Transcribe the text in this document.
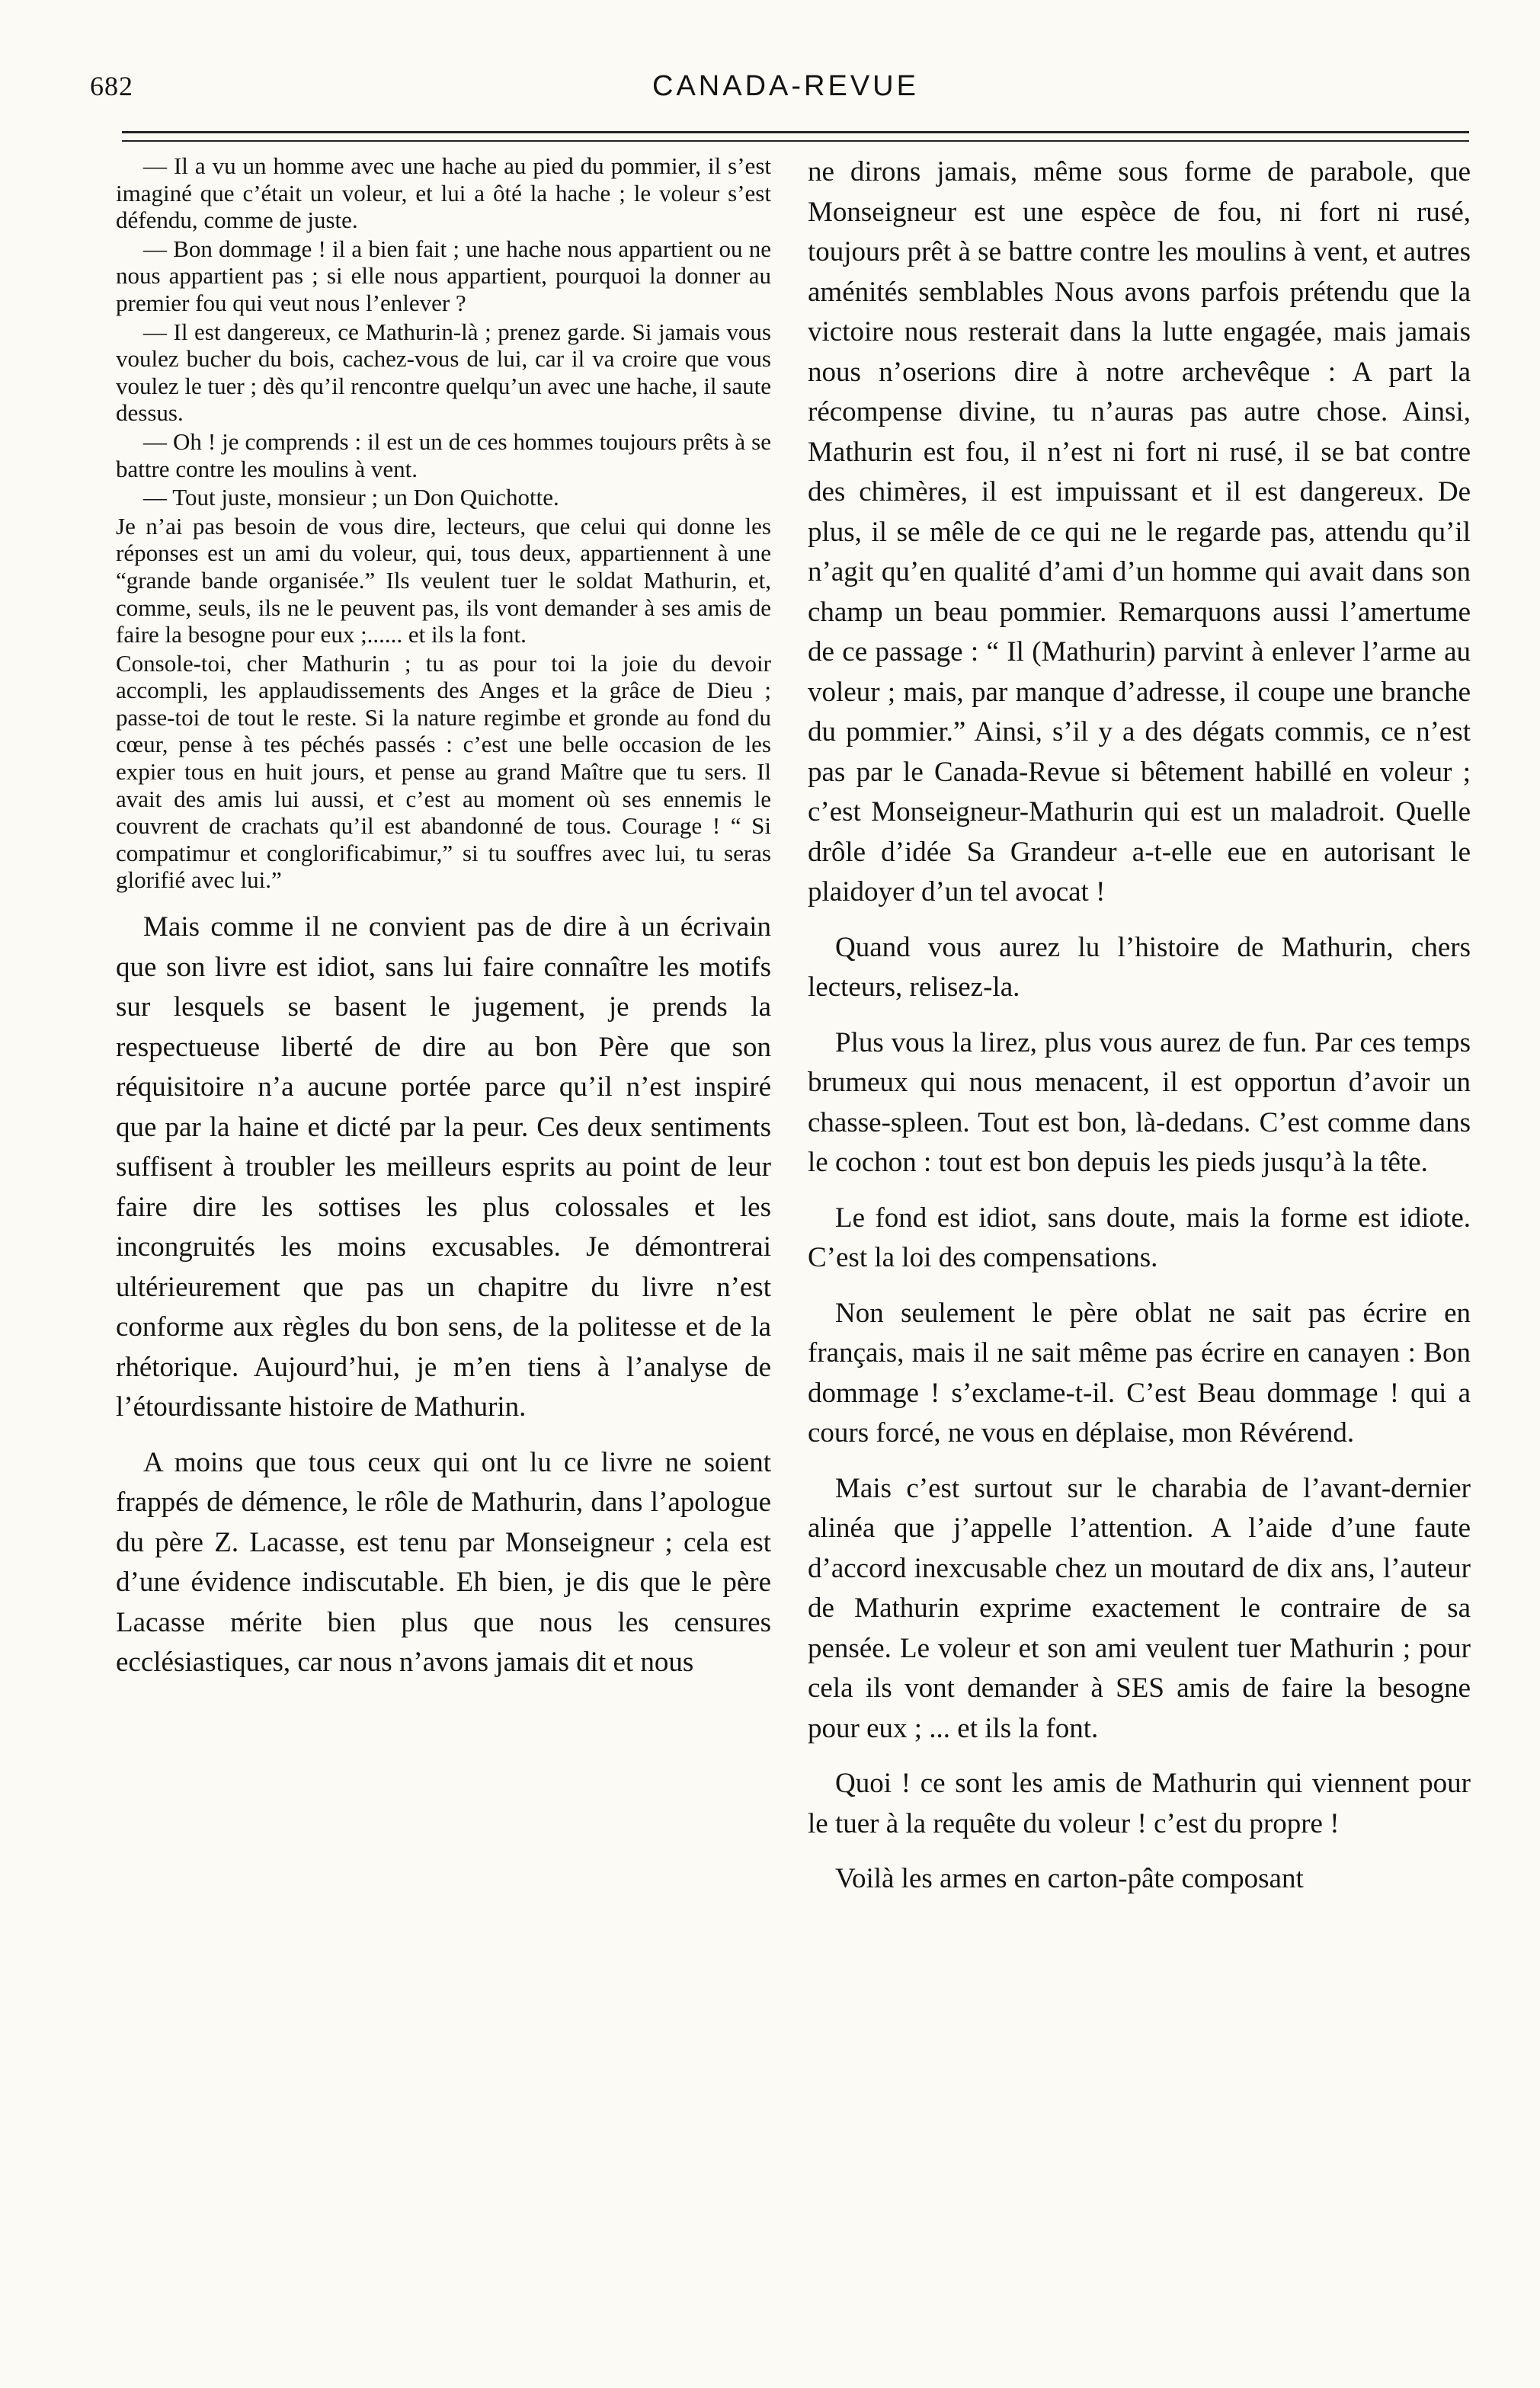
682	CANADA-REVUE

— Il a vu un homme avec une hache au pied du pommier, il s’est imaginé que c’était un voleur, et lui a ôté la hache ; le voleur s’est défendu, comme de juste.

— Bon dommage ! il a bien fait ; une hache nous appartient ou ne nous appartient pas ; si elle nous appartient, pourquoi la donner au premier fou qui veut nous l’enlever ?

— Il est dangereux, ce Mathurin-là ; prenez garde. Si jamais vous voulez bucher du bois, cachez-vous de lui, car il va croire que vous voulez le tuer ; dès qu’il rencontre quelqu’un avec une hache, il saute dessus.

— Oh ! je comprends : il est un de ces hommes toujours prêts à se battre contre les moulins à vent.

— Tout juste, monsieur ; un Don Quichotte.

Je n’ai pas besoin de vous dire, lecteurs, que celui qui donne les réponses est un ami du voleur, qui, tous deux, appartiennent à une “grande bande organisée.” Ils veulent tuer le soldat Mathurin, et, comme, seuls, ils ne le peuvent pas, ils vont demander à ses amis de faire la besogne pour eux ;...... et ils la font.

Console-toi, cher Mathurin ; tu as pour toi la joie du devoir accompli, les applaudissements des Anges et la grâce de Dieu ; passe-toi de tout le reste. Si la nature regimbe et gronde au fond du cœur, pense à tes péchés passés : c’est une belle occasion de les expier tous en huit jours, et pense au grand Maître que tu sers. Il avait des amis lui aussi, et c’est au moment où ses ennemis le couvrent de crachats qu’il est abandonné de tous. Courage ! “ Si compatimur et conglorificabimur,” si tu souffres avec lui, tu seras glorifié avec lui.”

Mais comme il ne convient pas de dire à un écrivain que son livre est idiot, sans lui faire connaître les motifs sur lesquels se basent le jugement, je prends la respectueuse liberté de dire au bon Père que son réquisitoire n’a aucune portée parce qu’il n’est inspiré que par la haine et dicté par la peur. Ces deux sentiments suffisent à troubler les meilleurs esprits au point de leur faire dire les sottises les plus colossales et les incongruités les moins excusables. Je démontrerai ultérieurement que pas un chapitre du livre n’est conforme aux règles du bon sens, de la politesse et de la rhétorique. Aujourd’hui, je m’en tiens à l’analyse de l’étourdissante histoire de Mathurin.

A moins que tous ceux qui ont lu ce livre ne soient frappés de démence, le rôle de Mathurin, dans l’apologue du père Z. Lacasse, est tenu par Monseigneur ; cela est d’une évidence indiscutable. Eh bien, je dis que le père Lacasse mérite bien plus que nous les censures ecclésiastiques, car nous n’avons jamais dit et nous

ne dirons jamais, même sous forme de parabole, que Monseigneur est une espèce de fou, ni fort ni rusé, toujours prêt à se battre contre les moulins à vent, et autres aménités semblables Nous avons parfois prétendu que la victoire nous resterait dans la lutte engagée, mais jamais nous n’oserions dire à notre archevêque : A part la récompense divine, tu n’auras pas autre chose. Ainsi, Mathurin est fou, il n’est ni fort ni rusé, il se bat contre des chimères, il est impuissant et il est dangereux. De plus, il se mêle de ce qui ne le regarde pas, attendu qu’il n’agit qu’en qualité d’ami d’un homme qui avait dans son champ un beau pommier. Remarquons aussi l’amertume de ce passage : “ Il (Mathurin) parvint à enlever l’arme au voleur ; mais, par manque d’adresse, il coupe une branche du pommier.” Ainsi, s’il y a des dégats commis, ce n’est pas par le Canada-Revue si bêtement habillé en voleur ; c’est Monseigneur-Mathurin qui est un maladroit. Quelle drôle d’idée Sa Grandeur a-t-elle eue en autorisant le plaidoyer d’un tel avocat !

Quand vous aurez lu l’histoire de Mathurin, chers lecteurs, relisez-la.

Plus vous la lirez, plus vous aurez de fun. Par ces temps brumeux qui nous menacent, il est opportun d’avoir un chasse-spleen. Tout est bon, là-dedans. C’est comme dans le cochon : tout est bon depuis les pieds jusqu’à la tête.

Le fond est idiot, sans doute, mais la forme est idiote. C’est la loi des compensations.

Non seulement le père oblat ne sait pas écrire en français, mais il ne sait même pas écrire en canayen : Bon dommage ! s’exclame-t-il. C’est Beau dommage ! qui a cours forcé, ne vous en déplaise, mon Révérend.

Mais c’est surtout sur le charabia de l’avant-dernier alinéa que j’appelle l’attention. A l’aide d’une faute d’accord inexcusable chez un moutard de dix ans, l’auteur de Mathurin exprime exactement le contraire de sa pensée. Le voleur et son ami veulent tuer Mathurin ; pour cela ils vont demander à SES amis de faire la besogne pour eux ; ... et ils la font.

Quoi ! ce sont les amis de Mathurin qui viennent pour le tuer à la requête du voleur ! c’est du propre !

Voilà les armes en carton-pâte composant
